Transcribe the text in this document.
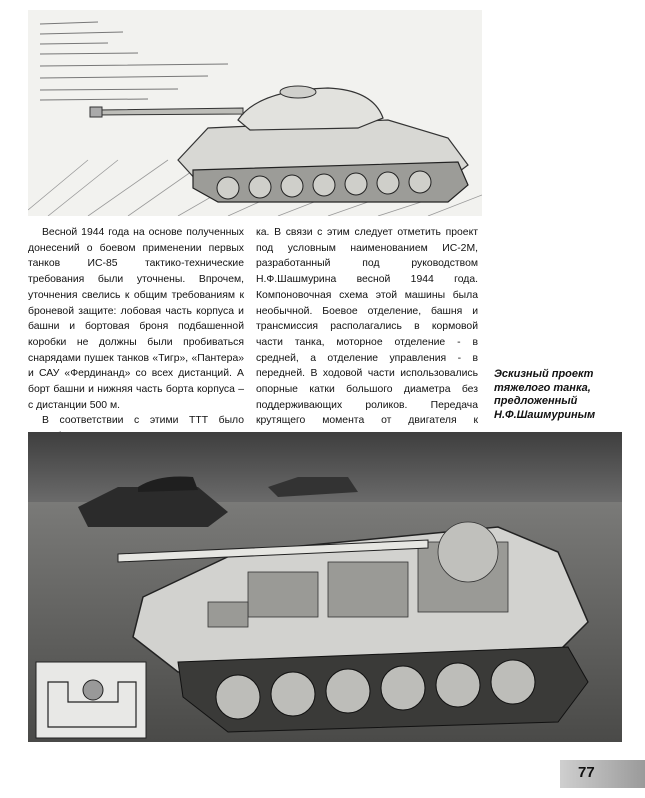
Весной 1944 года на основе полученных донесений о боевом применении первых танков ИС-85 тактико-технические требования были уточнены. Впрочем, уточнения свелись к общим требованиям к броневой защите: лобовая часть корпуса и башни и бортовая броня подбашенной коробки не должны были пробиваться снарядами пушек танков «Тигр», «Пантера» и САУ «Фердинанд» со всех дистанций. А борт башни и нижняя часть борта корпуса – с дистанции 500 м.

В соответствии с этими ТТТ было

ка. В связи с этим следует отметить проект под условным наименованием ИС-2М, разработанный под руководством Н.Ф.Шашмурина весной 1944 года. Компоновочная схема этой машины была необычной. Боевое отделение, башня и трансмиссия располагались в кормовой части танка, моторное отделение - в средней, а отделение управления - в передней. В ходовой части использовались опорные катки большого диаметра без поддерживающих роликов. Передача крутящего момента от двигателя к

Эскизный проект
тяжелого танка,
предложенный
Н.Ф.Шашмуриным
77
